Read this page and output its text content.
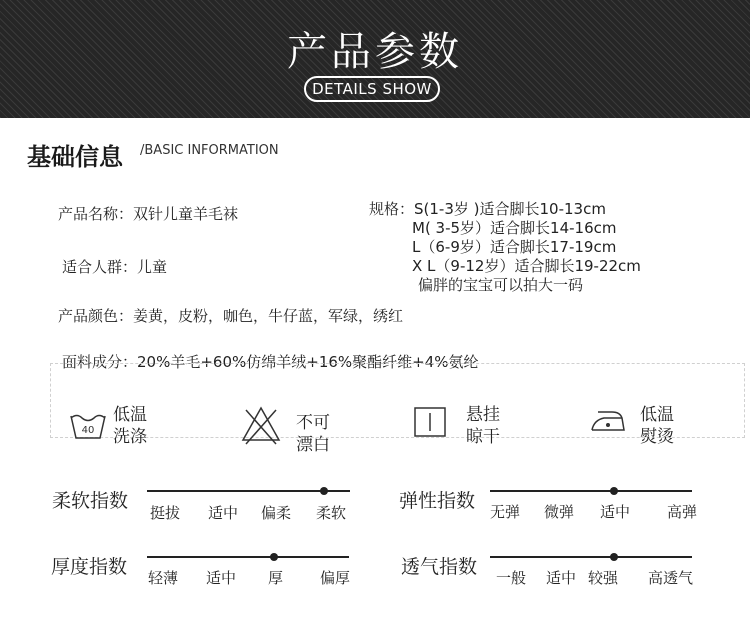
产品参数
DETAILS SHOW
基础信息 /BASIC INFORMATION
产品名称：双针儿童羊毛袜
适合人群：儿童
产品颜色：姜黄，皮粉，咖色，牛仔蓝，军绿，绣红
面料成分：20%羊毛+60%仿绵羊绒+16%聚酯纤维+4%氨纶
规格：S(1-3岁 )适合脚长10-13cm
M( 3-5岁）适合脚长14-16cm
L（6-9岁）适合脚长17-19cm
X L（9-12岁）适合脚长19-22cm
偏胖的宝宝可以拍大一码
40
低温
洗涤
不可
漂白
悬挂
晾干
低温
熨烫
柔软指数
挺拔 适中 偏柔 柔软
弹性指数 无弹 微弹 适中 高弹
厚度指数 轻薄 适中 厚 偏厚	透气指数 一般 适中 较强 高透气
